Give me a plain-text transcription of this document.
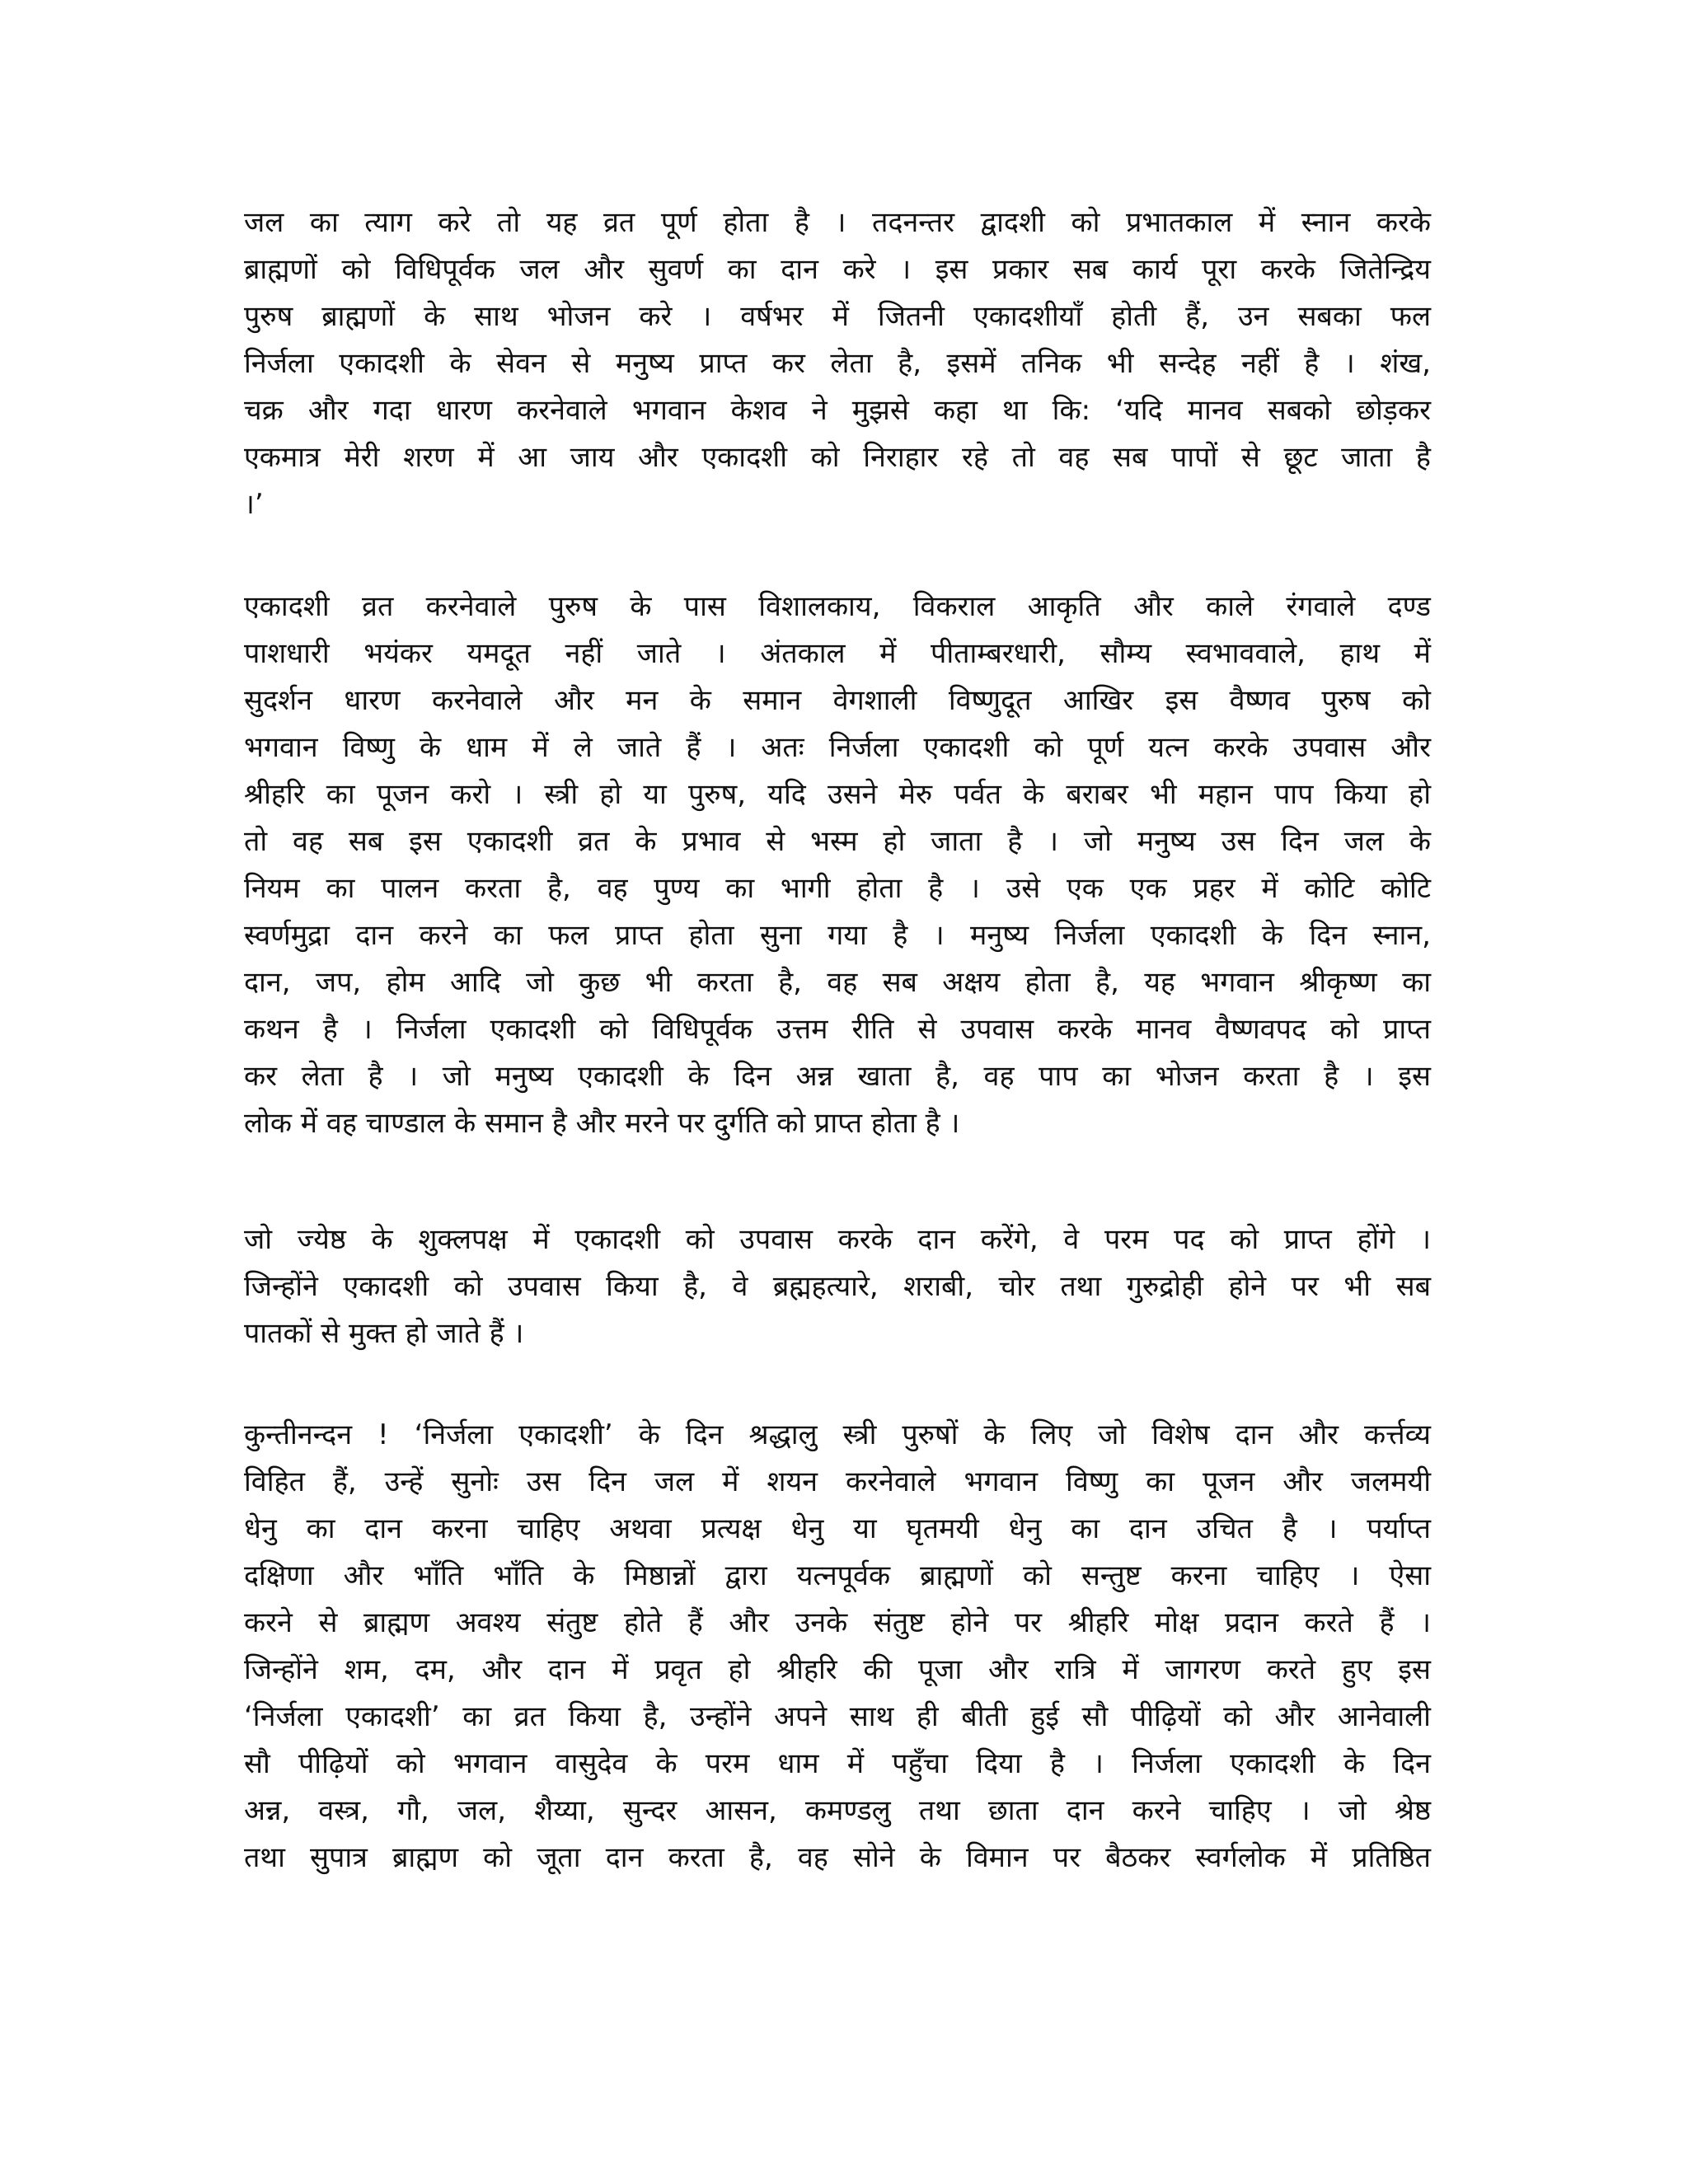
जल का त्याग करे तो यह व्रत पूर्ण होता है । तदनन्तर द्वादशी को प्रभातकाल में स्नान करके
ब्राह्मणों को विधिपूर्वक जल और सुवर्ण का दान करे । इस प्रकार सब कार्य पूरा करके जितेन्द्रिय
पुरुष ब्राह्मणों के साथ भोजन करे । वर्षभर में जितनी एकादशीयाँ होती हैं, उन सबका फल
निर्जला एकादशी के सेवन से मनुष्य प्राप्त कर लेता है, इसमें तनिक भी सन्देह नहीं है । शंख,
चक्र और गदा धारण करनेवाले भगवान केशव ने मुझसे कहा था कि: ‘यदि मानव सबको छोड़कर
एकमात्र मेरी शरण में आ जाय और एकादशी को निराहार रहे तो वह सब पापों से छूट जाता है
।’
एकादशी व्रत करनेवाले पुरुष के पास विशालकाय, विकराल आकृति और काले रंगवाले दण्ड
पाशधारी भयंकर यमदूत नहीं जाते । अंतकाल में पीताम्बरधारी, सौम्य स्वभाववाले, हाथ में
सुदर्शन धारण करनेवाले और मन के समान वेगशाली विष्णुदूत आखिर इस वैष्णव पुरुष को
भगवान विष्णु के धाम में ले जाते हैं । अतः निर्जला एकादशी को पूर्ण यत्न करके उपवास और
श्रीहरि का पूजन करो । स्त्री हो या पुरुष, यदि उसने मेरु पर्वत के बराबर भी महान पाप किया हो
तो वह सब इस एकादशी व्रत के प्रभाव से भस्म हो जाता है । जो मनुष्य उस दिन जल के
नियम का पालन करता है, वह पुण्य का भागी होता है । उसे एक एक प्रहर में कोटि कोटि
स्वर्णमुद्रा दान करने का फल प्राप्त होता सुना गया है । मनुष्य निर्जला एकादशी के दिन स्नान,
दान, जप, होम आदि जो कुछ भी करता है, वह सब अक्षय होता है, यह भगवान श्रीकृष्ण का
कथन है । निर्जला एकादशी को विधिपूर्वक उत्तम रीति से उपवास करके मानव वैष्णवपद को प्राप्त
कर लेता है । जो मनुष्य एकादशी के दिन अन्न खाता है, वह पाप का भोजन करता है । इस
लोक में वह चाण्डाल के समान है और मरने पर दुर्गति को प्राप्त होता है ।
जो ज्येष्ठ के शुक्लपक्ष में एकादशी को उपवास करके दान करेंगे, वे परम पद को प्राप्त होंगे ।
जिन्होंने एकादशी को उपवास किया है, वे ब्रह्महत्यारे, शराबी, चोर तथा गुरुद्रोही होने पर भी सब
पातकों से मुक्त हो जाते हैं ।
कुन्तीनन्दन ! ‘निर्जला एकादशी’ के दिन श्रद्धालु स्त्री पुरुषों के लिए जो विशेष दान और कर्त्तव्य
विहित हैं, उन्हें सुनोः उस दिन जल में शयन करनेवाले भगवान विष्णु का पूजन और जलमयी
धेनु का दान करना चाहिए अथवा प्रत्यक्ष धेनु या घृतमयी धेनु का दान उचित है । पर्याप्त
दक्षिणा और भाँति भाँति के मिष्ठान्नों द्वारा यत्नपूर्वक ब्राह्मणों को सन्तुष्ट करना चाहिए । ऐसा
करने से ब्राह्मण अवश्य संतुष्ट होते हैं और उनके संतुष्ट होने पर श्रीहरि मोक्ष प्रदान करते हैं ।
जिन्होंने शम, दम, और दान में प्रवृत हो श्रीहरि की पूजा और रात्रि में जागरण करते हुए इस
‘निर्जला एकादशी’ का व्रत किया है, उन्होंने अपने साथ ही बीती हुई सौ पीढ़ियों को और आनेवाली
सौ पीढ़ियों को भगवान वासुदेव के परम धाम में पहुँचा दिया है । निर्जला एकादशी के दिन
अन्न, वस्त्र, गौ, जल, शैय्या, सुन्दर आसन, कमण्डलु तथा छाता दान करने चाहिए । जो श्रेष्ठ
तथा सुपात्र ब्राह्मण को जूता दान करता है, वह सोने के विमान पर बैठकर स्वर्गलोक में प्रतिष्ठित
